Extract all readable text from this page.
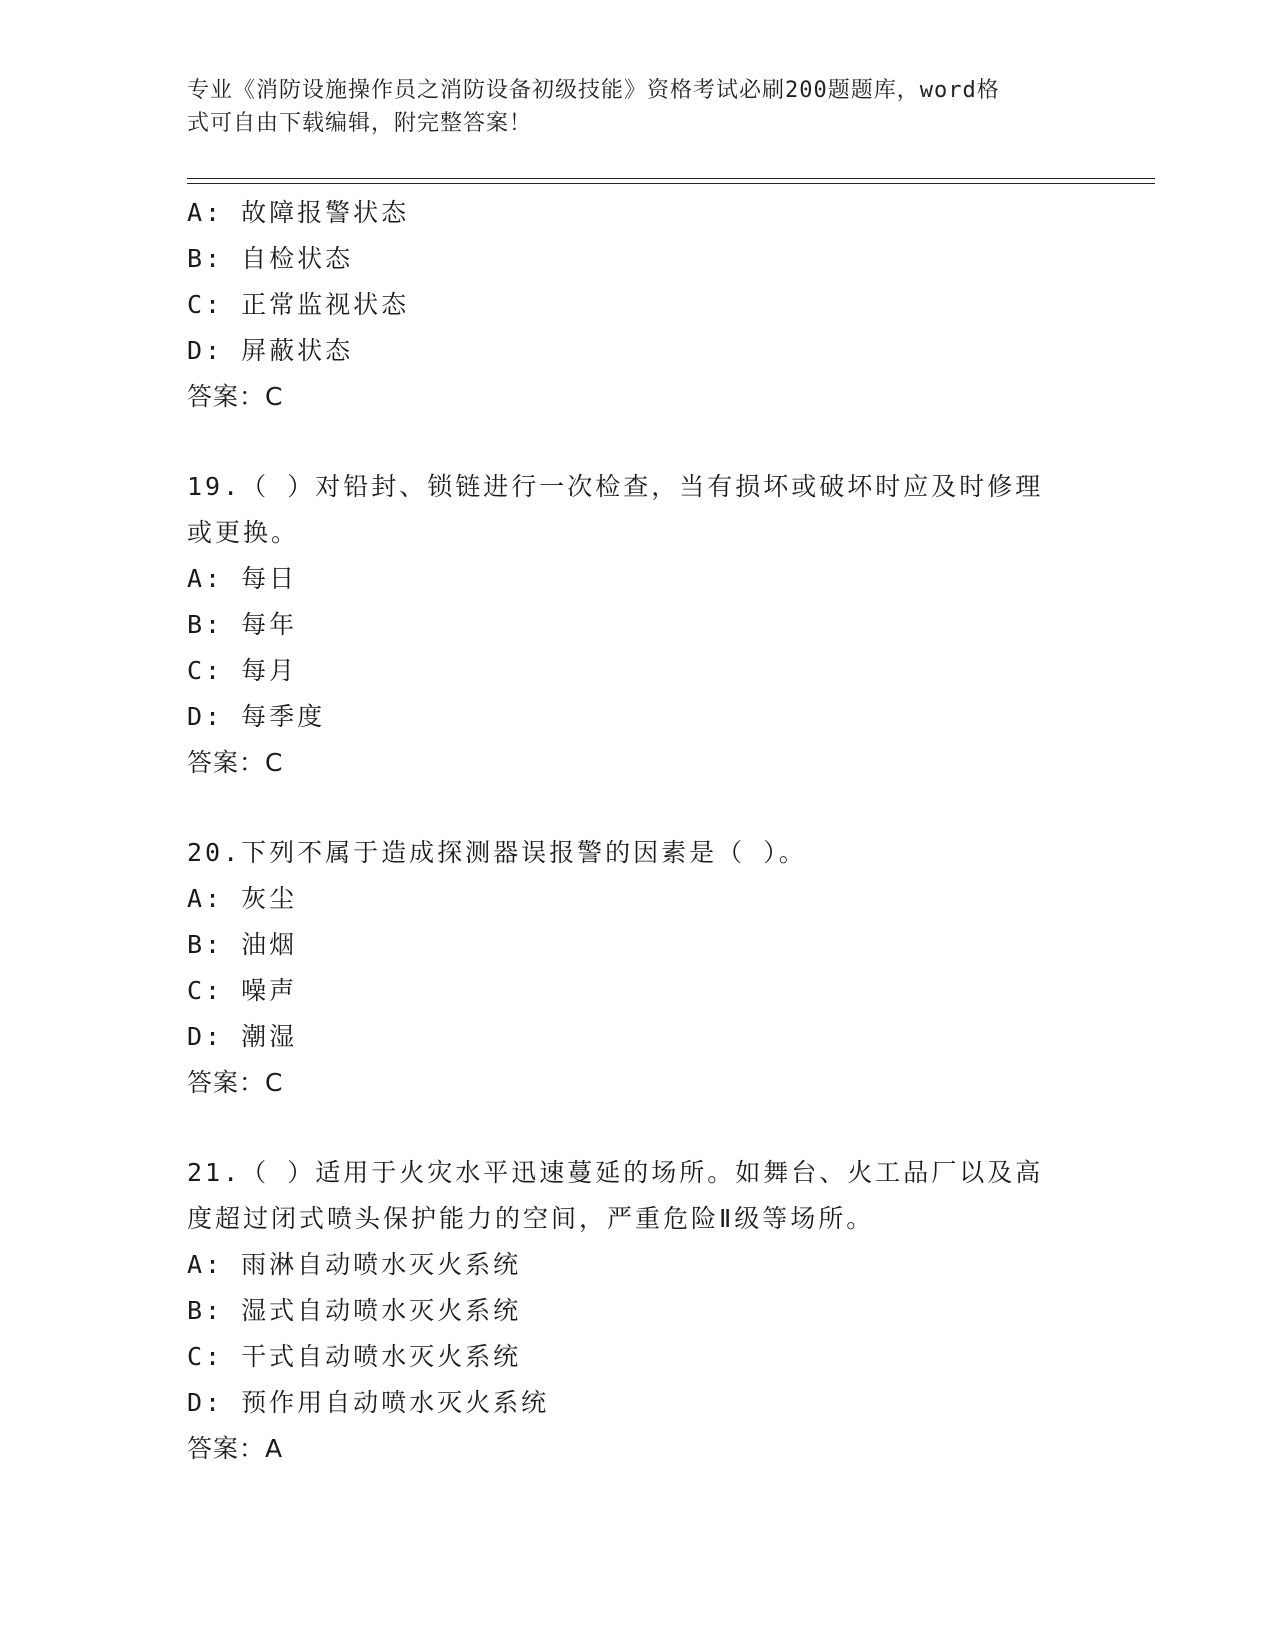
专业《消防设施操作员之消防设备初级技能》资格考试必刷200题题库，word格
式可自由下载编辑，附完整答案！
A: 故障报警状态
B: 自检状态
C: 正常监视状态
D: 屏蔽状态
答案：C
19.（ ）对铅封、锁链进行一次检查，当有损坏或破坏时应及时修理
或更换。
A: 每日
B: 每年
C: 每月
D: 每季度
答案：C
20.下列不属于造成探测器误报警的因素是（ ）。
A: 灰尘
B: 油烟
C: 噪声
D: 潮湿
答案：C
21.（ ）适用于火灾水平迅速蔓延的场所。如舞台、火工品厂以及高
度超过闭式喷头保护能力的空间，严重危险Ⅱ级等场所。
A: 雨淋自动喷水灭火系统
B: 湿式自动喷水灭火系统
C: 干式自动喷水灭火系统
D: 预作用自动喷水灭火系统
答案：A
